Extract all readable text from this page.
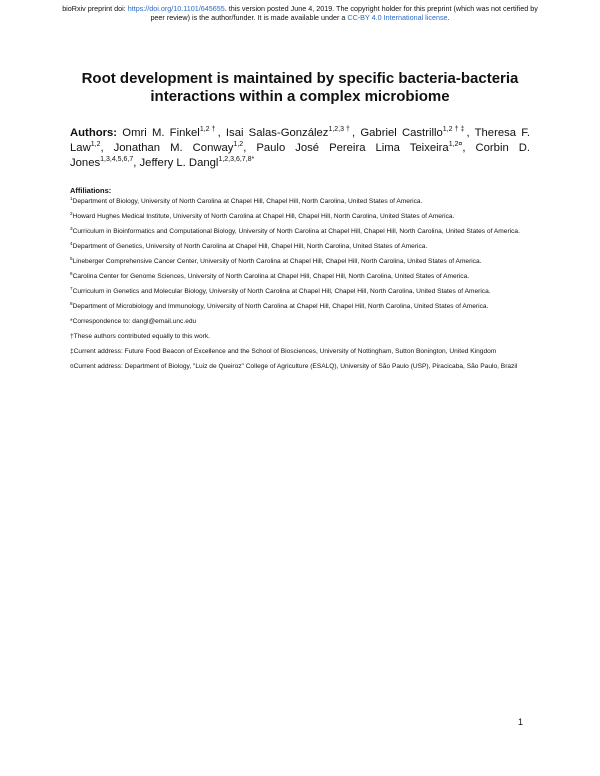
bioRxiv preprint doi: https://doi.org/10.1101/645655. this version posted June 4, 2019. The copyright holder for this preprint (which was not certified by peer review) is the author/funder. It is made available under a CC-BY 4.0 International license.
Root development is maintained by specific bacteria-bacteria
interactions within a complex microbiome
Authors: Omri M. Finkel$^{1,2\dagger}$, Isai Salas-González$^{1,2,3\dagger}$, Gabriel Castrillo$^{1,2\dagger\ddagger}$, Theresa F. Law$^{1,2}$, Jonathan M. Conway$^{1,2}$, Paulo José Pereira Lima Teixeira$^{1,2¤}$, Corbin D. Jones$^{1,3,4,5,6,7}$, Jeffery L. Dangl$^{1,2,3,6,7,8*}$
Affiliations:
$^1$Department of Biology, University of North Carolina at Chapel Hill, Chapel Hill, North Carolina, United States of America.
$^2$Howard Hughes Medical Institute, University of North Carolina at Chapel Hill, Chapel Hill, North Carolina, United States of America.
$^3$Curriculum in Bioinformatics and Computational Biology, University of North Carolina at Chapel Hill, Chapel Hill, North Carolina, United States of America.
$^4$Department of Genetics, University of North Carolina at Chapel Hill, Chapel Hill, North Carolina, United States of America.
$^5$Lineberger Comprehensive Cancer Center, University of North Carolina at Chapel Hill, Chapel Hill, North Carolina, United States of America.
$^6$Carolina Center for Genome Sciences, University of North Carolina at Chapel Hill, Chapel Hill, North Carolina, United States of America.
$^7$Curriculum in Genetics and Molecular Biology, University of North Carolina at Chapel Hill, Chapel Hill, North Carolina, United States of America.
$^8$Department of Microbiology and Immunology, University of North Carolina at Chapel Hill, Chapel Hill, North Carolina, United States of America.
*Correspondence to: dangl@email.unc.edu
†These authors contributed equally to this work.
‡Current address: Future Food Beacon of Excellence and the School of Biosciences, University of Nottingham, Sutton Bonington, United Kingdom
¤Current address: Department of Biology, "Luiz de Queiroz" College of Agriculture (ESALQ), University of São Paulo (USP), Piracicaba, São Paulo, Brazil
1
